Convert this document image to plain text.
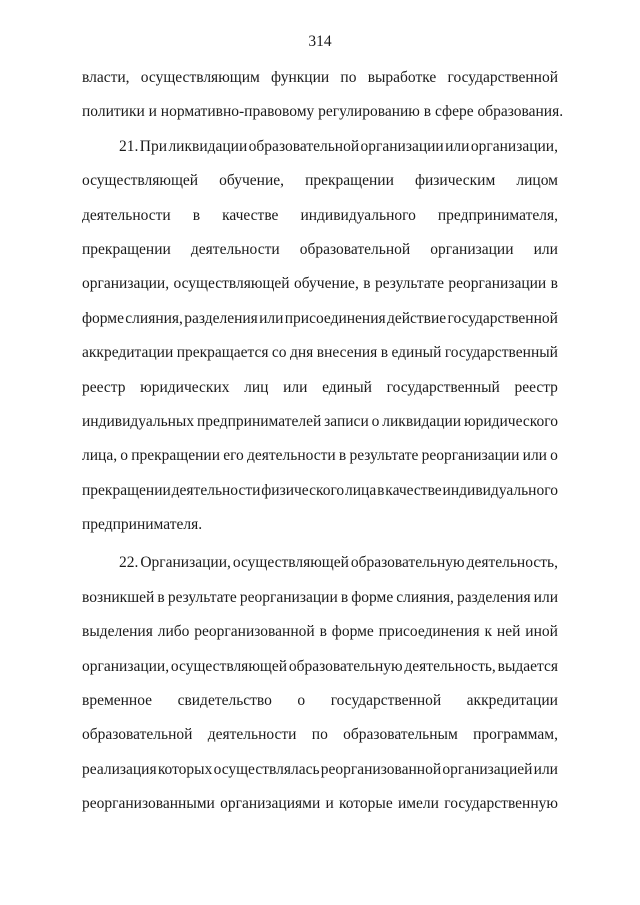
314
власти, осуществляющим функции по выработке государственной
политики и нормативно-правовому регулированию в сфере образования.
21. При ликвидации образовательной организации или организации,
осуществляющей обучение, прекращении физическим лицом
деятельности в качестве индивидуального предпринимателя,
прекращении деятельности образовательной организации или
организации, осуществляющей обучение, в результате реорганизации в
форме слияния, разделения или присоединения действие государственной
аккредитации прекращается со дня внесения в единый государственный
реестр юридических лиц или единый государственный реестр
индивидуальных предпринимателей записи о ликвидации юридического
лица, о прекращении его деятельности в результате реорганизации или о
прекращении деятельности физического лица в качестве индивидуального
предпринимателя.
22. Организации, осуществляющей образовательную деятельность,
возникшей в результате реорганизации в форме слияния, разделения или
выделения либо реорганизованной в форме присоединения к ней иной
организации, осуществляющей образовательную деятельность, выдается
временное свидетельство о государственной аккредитации
образовательной деятельности по образовательным программам,
реализация которых осуществлялась реорганизованной организацией или
реорганизованными организациями и которые имели государственную
